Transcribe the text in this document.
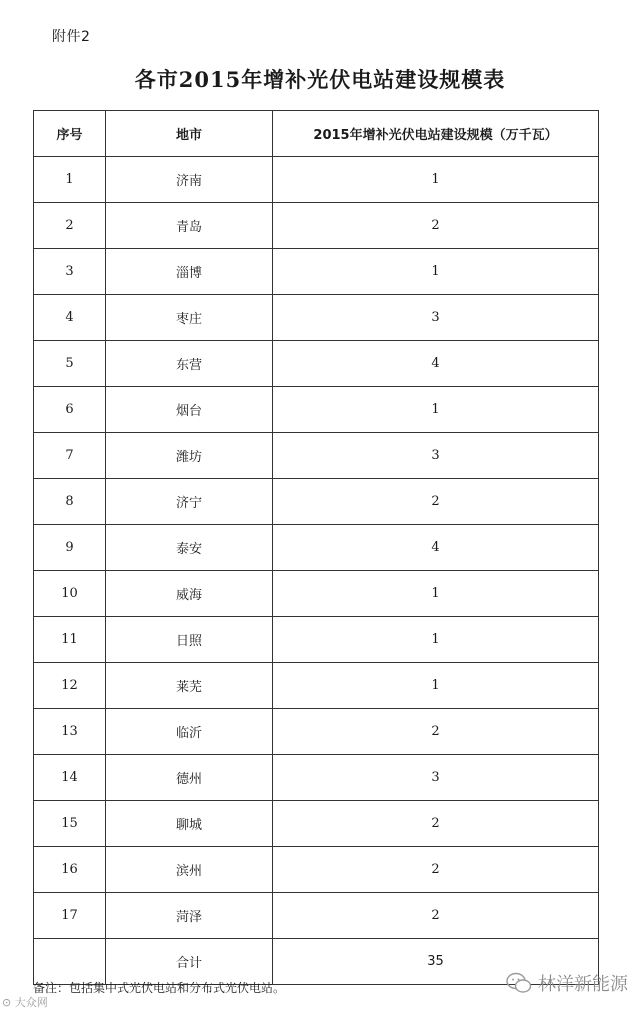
附件2
各市2015年增补光伏电站建设规模表
序号	地市	2015年增补光伏电站建设规模（万千瓦）
1	济南	1
2	青岛	2
3	淄博	1
4	枣庄	3
5	东营	4
6	烟台	1
7	潍坊	3
8	济宁	2
9	泰安	4
10	威海	1
11	日照	1
12	莱芜	1
13	临沂	2
14	德州	3
15	聊城	2
16	滨州	2
17	菏泽	2
	合计	35
备注：包括集中式光伏电站和分布式光伏电站。
⊙ 大众网
林洋新能源
